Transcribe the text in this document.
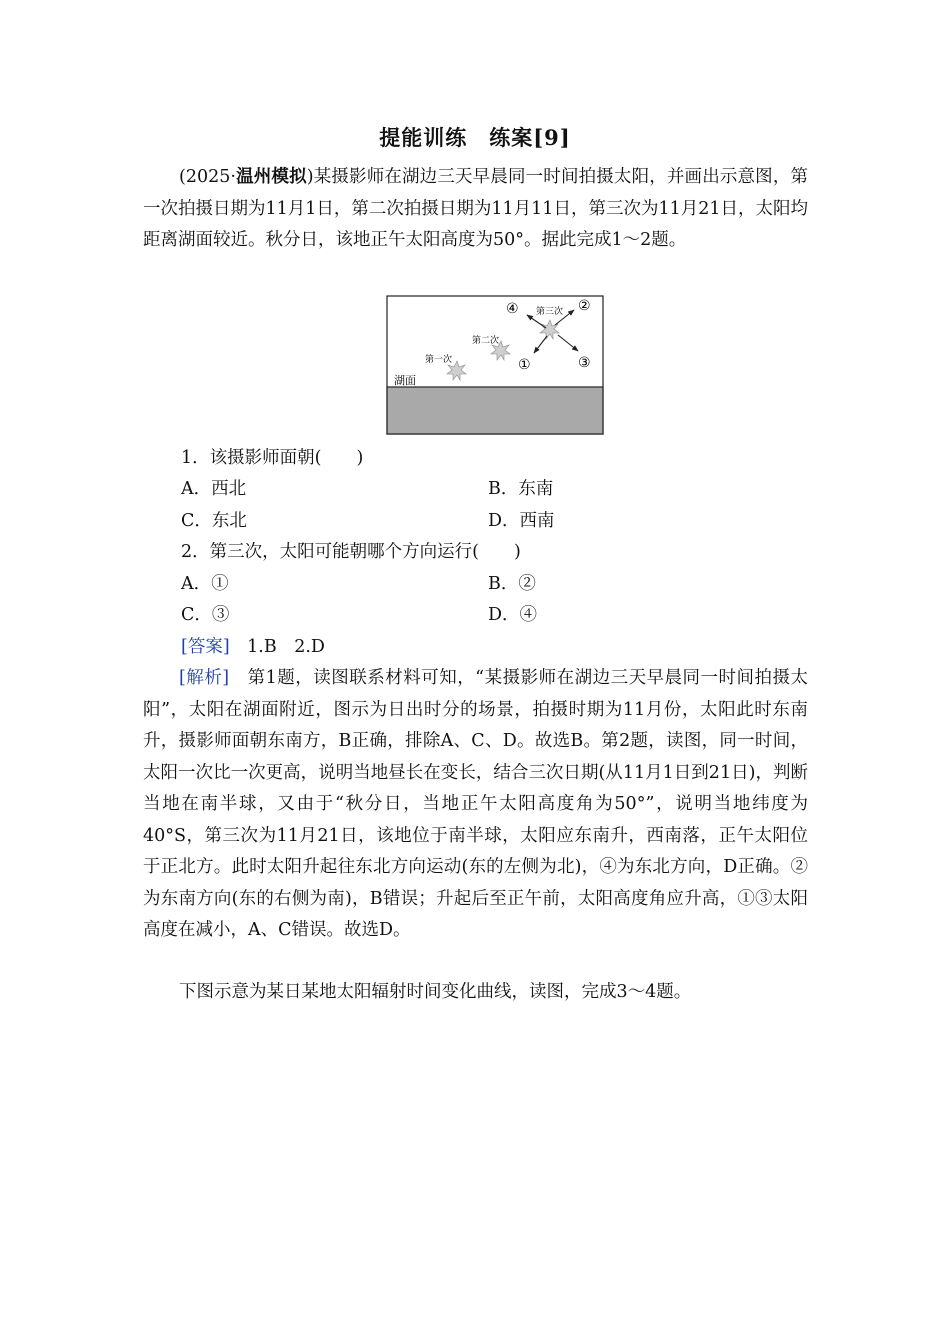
提能训练　练案[9]

(2025·温州模拟)某摄影师在湖边三天早晨同一时间拍摄太阳，并画出示意图，第一次拍摄日期为11月1日，第二次拍摄日期为11月11日，第三次为11月21日，太阳均距离湖面较近。秋分日，该地正午太阳高度为50°。据此完成1～2题。

湖面
第一次
第二次
第三次
④	②
①	③

1．该摄影师面朝(　　)

A．西北	B．东南
C．东北	D．西南

2．第三次，太阳可能朝哪个方向运行(　　)

A．①	B．②
C．③	D．④

[答案]　 1.B　2.D

[解析]　 第1题，读图联系材料可知，“某摄影师在湖边三天早晨同一时间拍摄太阳”，太阳在湖面附近，图示为日出时分的场景，拍摄时期为11月份，太阳此时东南升，摄影师面朝东南方，B正确，排除A、C、D。故选B。第2题，读图，同一时间，太阳一次比一次更高，说明当地昼长在变长，结合三次日期(从11月1日到21日)，判断当地在南半球，又由于“秋分日，当地正午太阳高度角为50°”，说明当地纬度为40°S，第三次为11月21日，该地位于南半球，太阳应东南升，西南落，正午太阳位于正北方。此时太阳升起往东北方向运动(东的左侧为北)，④为东北方向，D正确。②为东南方向(东的右侧为南)，B错误；升起后至正午前，太阳高度角应升高，①③太阳高度在减小，A、C错误。故选D。

下图示意为某日某地太阳辐射时间变化曲线，读图，完成3～4题。
